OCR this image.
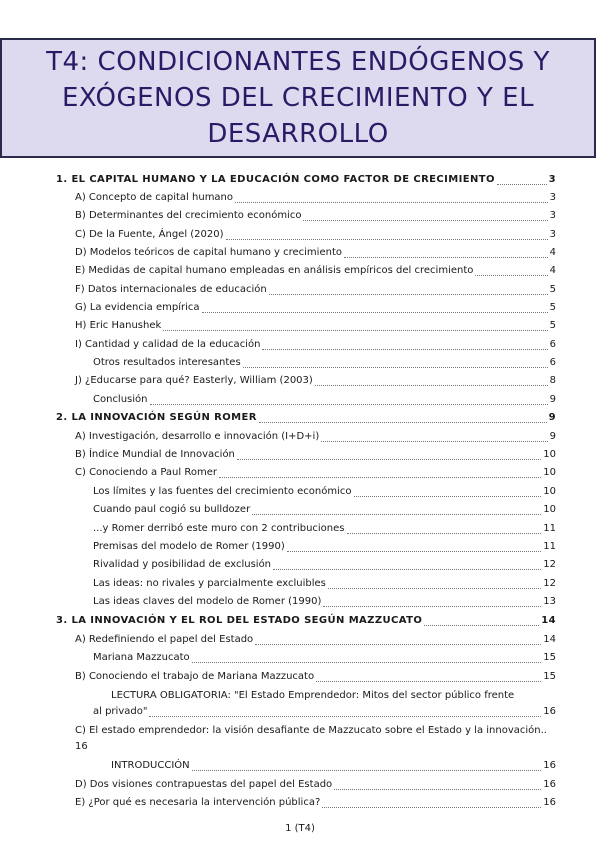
T4: CONDICIONANTES ENDÓGENOS Y
EXÓGENOS DEL CRECIMIENTO Y EL
DESARROLLO
1. EL CAPITAL HUMANO Y LA EDUCACIÓN COMO FACTOR DE CRECIMIENTO	3
A) Concepto de capital humano	3
B) Determinantes del crecimiento económico	3
C) De la Fuente, Ángel (2020)	3
D) Modelos teóricos de capital humano y crecimiento	4
E) Medidas de capital humano empleadas en análisis empíricos del crecimiento	4
F) Datos internacionales de educación	5
G) La evidencia empírica	5
H) Eric Hanushek	5
I) Cantidad y calidad de la educación	6
Otros resultados interesantes	6
J) ¿Educarse para qué? Easterly, William (2003)	8
Conclusión	9
2. LA INNOVACIÓN SEGÚN ROMER	9
A) Investigación, desarrollo e innovación (I+D+i)	9
B) Índice Mundial de Innovación	10
C) Conociendo a Paul Romer	10
Los límites y las fuentes del crecimiento económico	10
Cuando paul cogió su bulldozer	10
...y Romer derribó este muro con 2 contribuciones	11
Premisas del modelo de Romer (1990)	11
Rivalidad y posibilidad de exclusión	12
Las ideas: no rivales y parcialmente excluibles	12
Las ideas claves del modelo de Romer (1990)	13
3. LA INNOVACIÓN Y EL ROL DEL ESTADO SEGÚN MAZZUCATO	14
A) Redefiniendo el papel del Estado	14
Mariana Mazzucato	15
B) Conociendo el trabajo de Mariana Mazzucato	15
LECTURA OBLIGATORIA: "El Estado Emprendedor: Mitos del sector público frente
al privado"	16
C) El estado emprendedor: la visión desafiante de Mazzucato sobre el Estado y la innovación..
16
INTRODUCCIÓN	16
D) Dos visiones contrapuestas del papel del Estado	16
E) ¿Por qué es necesaria la intervención pública?	16
1 (T4)
